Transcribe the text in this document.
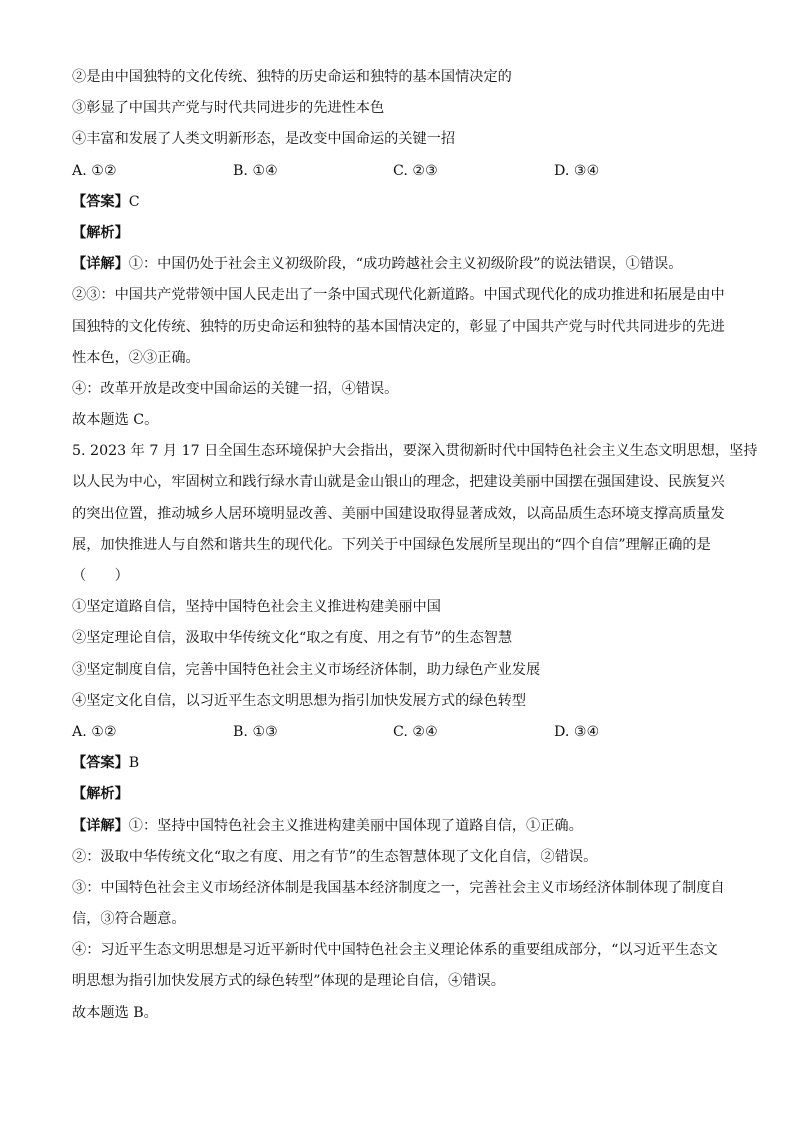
②是由中国独特的文化传统、独特的历史命运和独特的基本国情决定的
③彰显了中国共产党与时代共同进步的先进性本色
④丰富和发展了人类文明新形态，是改变中国命运的关键一招
A. ①②	B. ①④	C. ②③	D. ③④
【答案】C
【解析】
【详解】①：中国仍处于社会主义初级阶段，“成功跨越社会主义初级阶段”的说法错误，①错误。
②③：中国共产党带领中国人民走出了一条中国式现代化新道路。中国式现代化的成功推进和拓展是由中
国独特的文化传统、独特的历史命运和独特的基本国情决定的，彰显了中国共产党与时代共同进步的先进
性本色，②③正确。
④：改革开放是改变中国命运的关键一招，④错误。
故本题选 C。
5. 2023 年 7 月 17 日全国生态环境保护大会指出，要深入贯彻新时代中国特色社会主义生态文明思想，坚持
以人民为中心，牢固树立和践行绿水青山就是金山银山的理念，把建设美丽中国摆在强国建设、民族复兴
的突出位置，推动城乡人居环境明显改善、美丽中国建设取得显著成效，以高品质生态环境支撑高质量发
展，加快推进人与自然和谐共生的现代化。下列关于中国绿色发展所呈现出的“四个自信”理解正确的是
（　　）
①坚定道路自信，坚持中国特色社会主义推进构建美丽中国
②坚定理论自信，汲取中华传统文化“取之有度、用之有节”的生态智慧
③坚定制度自信，完善中国特色社会主义市场经济体制，助力绿色产业发展
④坚定文化自信，以习近平生态文明思想为指引加快发展方式的绿色转型
A. ①②	B. ①③	C. ②④	D. ③④
【答案】B
【解析】
【详解】①：坚持中国特色社会主义推进构建美丽中国体现了道路自信，①正确。
②：汲取中华传统文化“取之有度、用之有节”的生态智慧体现了文化自信，②错误。
③：中国特色社会主义市场经济体制是我国基本经济制度之一，完善社会主义市场经济体制体现了制度自
信，③符合题意。
④：习近平生态文明思想是习近平新时代中国特色社会主义理论体系的重要组成部分，“以习近平生态文
明思想为指引加快发展方式的绿色转型”体现的是理论自信，④错误。
故本题选 B。
